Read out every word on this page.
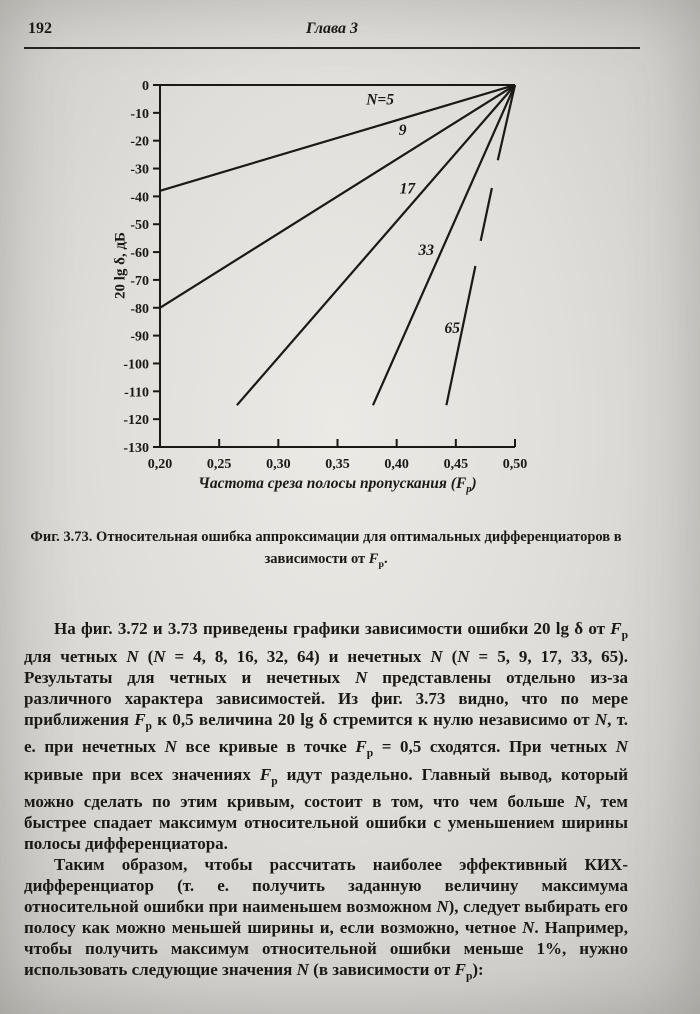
192	Глава 3
0
-10
-20
-30
-40
-50
-60
-70
-80
-90
-100
-110
-120
-130
0,20 0,25 0,30 0,35 0,40 0,45 0,50
N=5
9
17
33
65
20 lg δ, дБ
Частота среза полосы пропускания $(F_p)$
Фиг. 3.73. Относительная ошибка аппроксимации для оптимальных дифференциаторов в зависимости от $F_p$.

На фиг. 3.72 и 3.73 приведены графики зависимости ошибки 20 lg δ от $F_p$ для четных N (N = 4, 8, 16, 32, 64) и нечетных N (N = 5, 9, 17, 33, 65). Результаты для четных и нечетных N представлены отдельно из-за различного характера зависимостей. Из фиг. 3.73 видно, что по мере приближения $F_p$ к 0,5 величина 20 lg δ стремится к нулю независимо от N, т. е. при нечетных N все кривые в точке $F_p = 0,5$ сходятся. При четных N кривые при всех значениях $F_p$ идут раздельно. Главный вывод, который можно сделать по этим кривым, состоит в том, что чем больше N, тем быстрее спадает максимум относительной ошибки с уменьшением ширины полосы дифференциатора.

Таким образом, чтобы рассчитать наиболее эффективный КИХ-дифференциатор (т. е. получить заданную величину максимума относительной ошибки при наименьшем возможном N), следует выбирать его полосу как можно меньшей ширины и, если возможно, четное N. Например, чтобы получить максимум относительной ошибки меньше 1%, нужно использовать следующие значения N (в зависимости от $F_p$):
